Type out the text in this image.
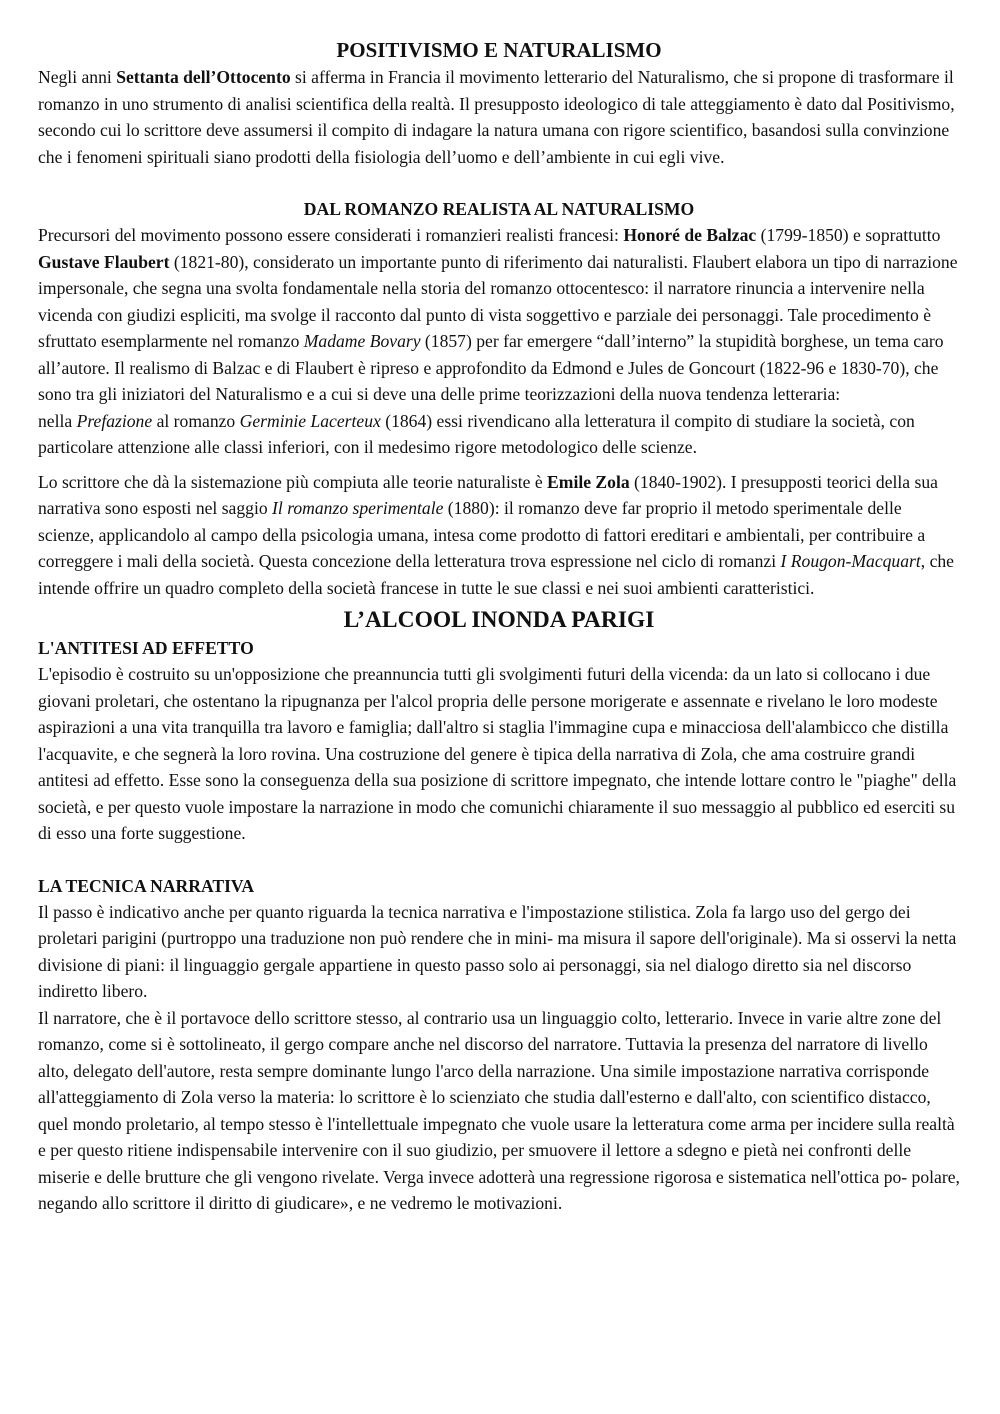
POSITIVISMO E NATURALISMO

Negli anni Settanta dell’Ottocento si afferma in Francia il movimento letterario del Naturalismo, che si propone di trasformare il romanzo in uno strumento di analisi scientifica della realtà. Il presupposto ideologico di tale atteggiamento è dato dal Positivismo, secondo cui lo scrittore deve assumersi il compito di indagare la natura umana con rigore scientifico, basandosi sulla convinzione che i fenomeni spirituali siano prodotti della fisiologia dell’uomo e dell’ambiente in cui egli vive.

DAL ROMANZO REALISTA AL NATURALISMO

Precursori del movimento possono essere considerati i romanzieri realisti francesi: Honoré de Balzac (1799-1850) e soprattutto Gustave Flaubert (1821-80), considerato un importante punto di riferimento dai naturalisti. Flaubert elabora un tipo di narrazione impersonale, che segna una svolta fondamentale nella storia del romanzo ottocentesco: il narratore rinuncia a intervenire nella vicenda con giudizi espliciti, ma svolge il racconto dal punto di vista soggettivo e parziale dei personaggi. Tale procedimento è sfruttato esemplarmente nel romanzo Madame Bovary (1857) per far emergere “dall’interno” la stupidità borghese, un tema caro all’autore. Il realismo di Balzac e di Flaubert è ripreso e approfondito da Edmond e Jules de Goncourt (1822-96 e 1830-70), che sono tra gli iniziatori del Naturalismo e a cui si deve una delle prime teorizzazioni della nuova tendenza letteraria:
nella Prefazione al romanzo Germinie Lacerteux (1864) essi rivendicano alla letteratura il compito di studiare la società, con particolare attenzione alle classi inferiori, con il medesimo rigore metodologico delle scienze.

Lo scrittore che dà la sistemazione più compiuta alle teorie naturaliste è Emile Zola (1840-1902). I presupposti teorici della sua narrativa sono esposti nel saggio Il romanzo sperimentale (1880): il romanzo deve far proprio il metodo sperimentale delle scienze, applicandolo al campo della psicologia umana, intesa come prodotto di fattori ereditari e ambientali, per contribuire a correggere i mali della società. Questa concezione della letteratura trova espressione nel ciclo di romanzi I Rougon-Macquart, che intende offrire un quadro completo della società francese in tutte le sue classi e nei suoi ambienti caratteristici.

L’ALCOOL INONDA PARIGI
L'ANTITESI AD EFFETTO

L'episodio è costruito su un'opposizione che preannuncia tutti gli svolgimenti futuri della vicenda: da un lato si collocano i due giovani proletari, che ostentano la ripugnanza per l'alcol propria delle persone morigerate e assennate e rivelano le loro modeste aspirazioni a una vita tranquilla tra lavoro e famiglia; dall'altro si staglia l'immagine cupa e minacciosa dell'alambicco che distilla l'acquavite, e che segnerà la loro rovina. Una costruzione del genere è tipica della narrativa di Zola, che ama costruire grandi antitesi ad effetto. Esse sono la conseguenza della sua posizione di scrittore impegnato, che intende lottare contro le "piaghe" della società, e per questo vuole impostare la narrazione in modo che comunichi chiaramente il suo messaggio al pubblico ed eserciti su di esso una forte suggestione.

LA TECNICA NARRATIVA

Il passo è indicativo anche per quanto riguarda la tecnica narrativa e l'impostazione stilistica. Zola fa largo uso del gergo dei proletari parigini (purtroppo una traduzione non può rendere che in mini- ma misura il sapore dell'originale). Ma si osservi la netta divisione di piani: il linguaggio gergale appartiene in questo passo solo ai personaggi, sia nel dialogo diretto sia nel discorso indiretto libero.

Il narratore, che è il portavoce dello scrittore stesso, al contrario usa un linguaggio colto, letterario. Invece in varie altre zone del romanzo, come si è sottolineato, il gergo compare anche nel discorso del narratore. Tuttavia la presenza del narratore di livello alto, delegato dell'autore, resta sempre dominante lungo l'arco della narrazione. Una simile impostazione narrativa corrisponde all'atteggiamento di Zola verso la materia: lo scrittore è lo scienziato che studia dall'esterno e dall'alto, con scientifico distacco, quel mondo proletario, al tempo stesso è l'intellettuale impegnato che vuole usare la letteratura come arma per incidere sulla realtà e per questo ritiene indispensabile intervenire con il suo giudizio, per smuovere il lettore a sdegno e pietà nei confronti delle miserie e delle brutture che gli vengono rivelate. Verga invece adotterà una regressione rigorosa e sistematica nell'ottica po- polare, negando allo scrittore il diritto di giudicare», e ne vedremo le motivazioni.
